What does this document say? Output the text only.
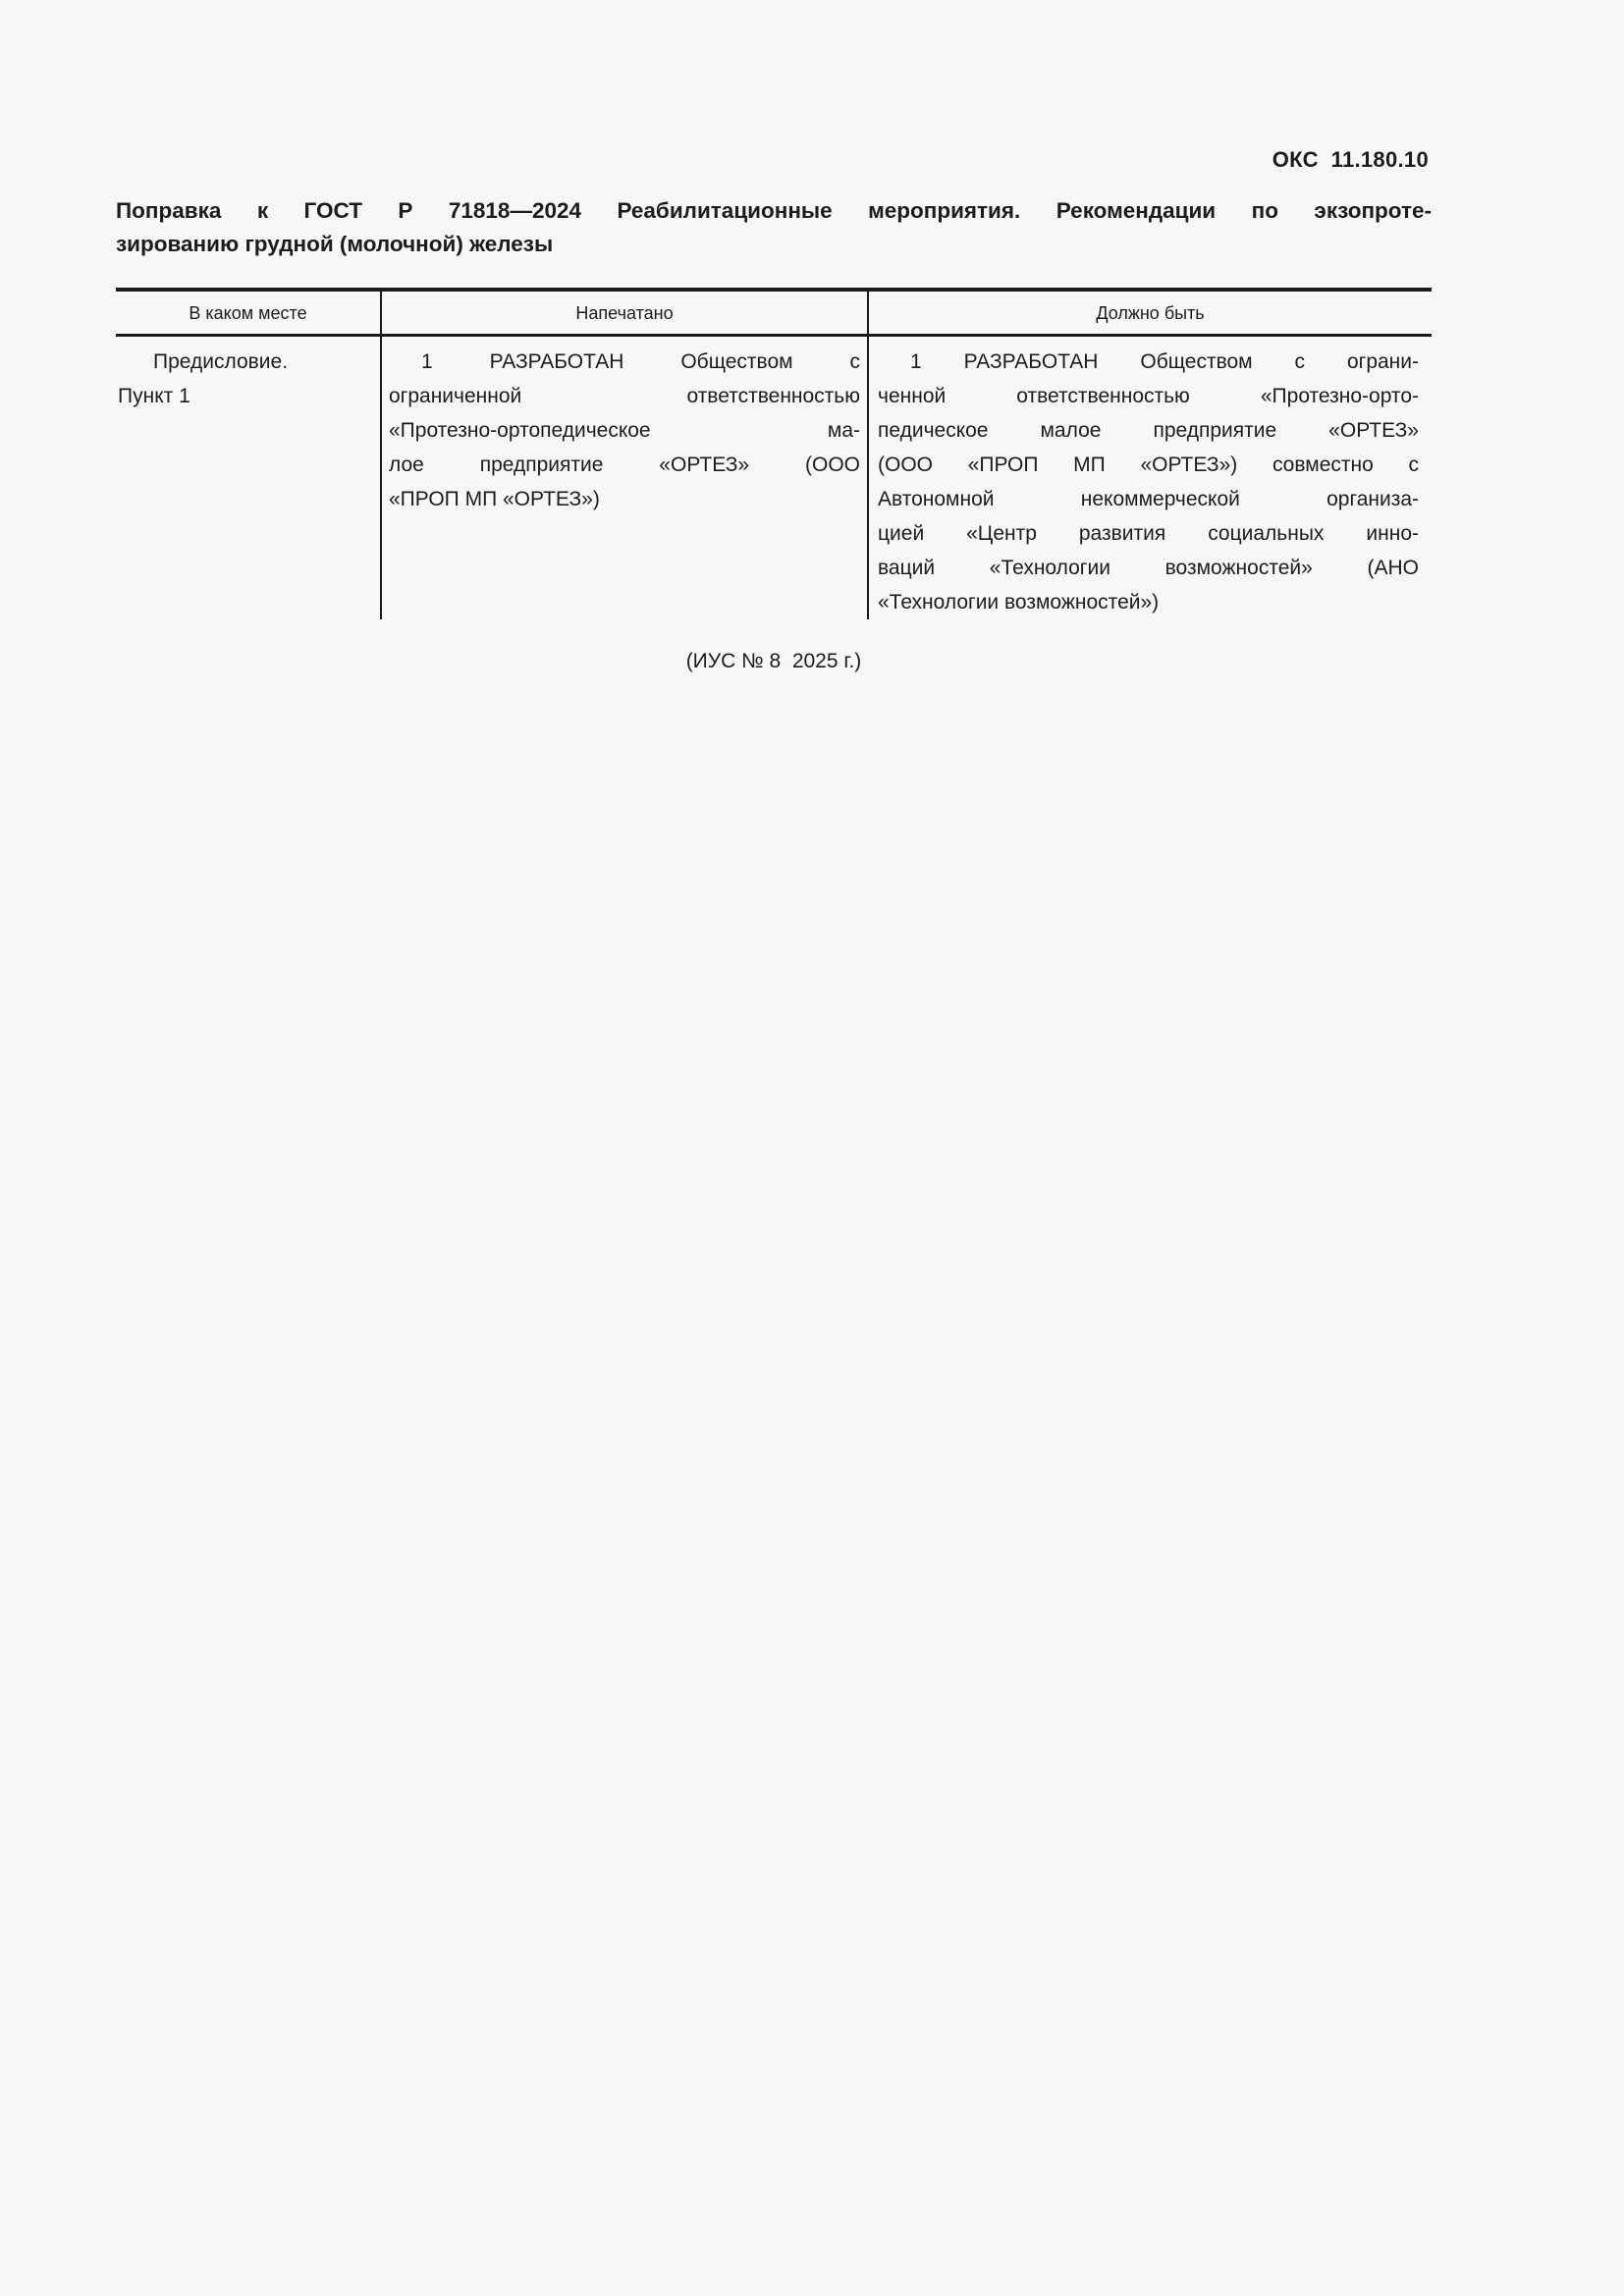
ОКС  11.180.10
Поправка к ГОСТ Р 71818—2024 Реабилитационные мероприятия. Рекомендации по экзопроте-
зированию грудной (молочной) железы
В каком месте	Напечатано	Должно быть
Предисловие.
Пункт 1
1 РАЗРАБОТАН Обществом с
ограниченной ответственностью
«Протезно-ортопедическое ма-
лое предприятие «ОРТЕЗ» (ООО
«ПРОП МП «ОРТЕЗ»)
1 РАЗРАБОТАН Обществом с ограни-
ченной ответственностью «Протезно-орто-
педическое малое предприятие «ОРТЕЗ»
(ООО «ПРОП МП «ОРТЕЗ») совместно с
Автономной некоммерческой организа-
цией «Центр развития социальных инно-
ваций «Технологии возможностей» (АНО
«Технологии возможностей»)
(ИУС № 8  2025 г.)
